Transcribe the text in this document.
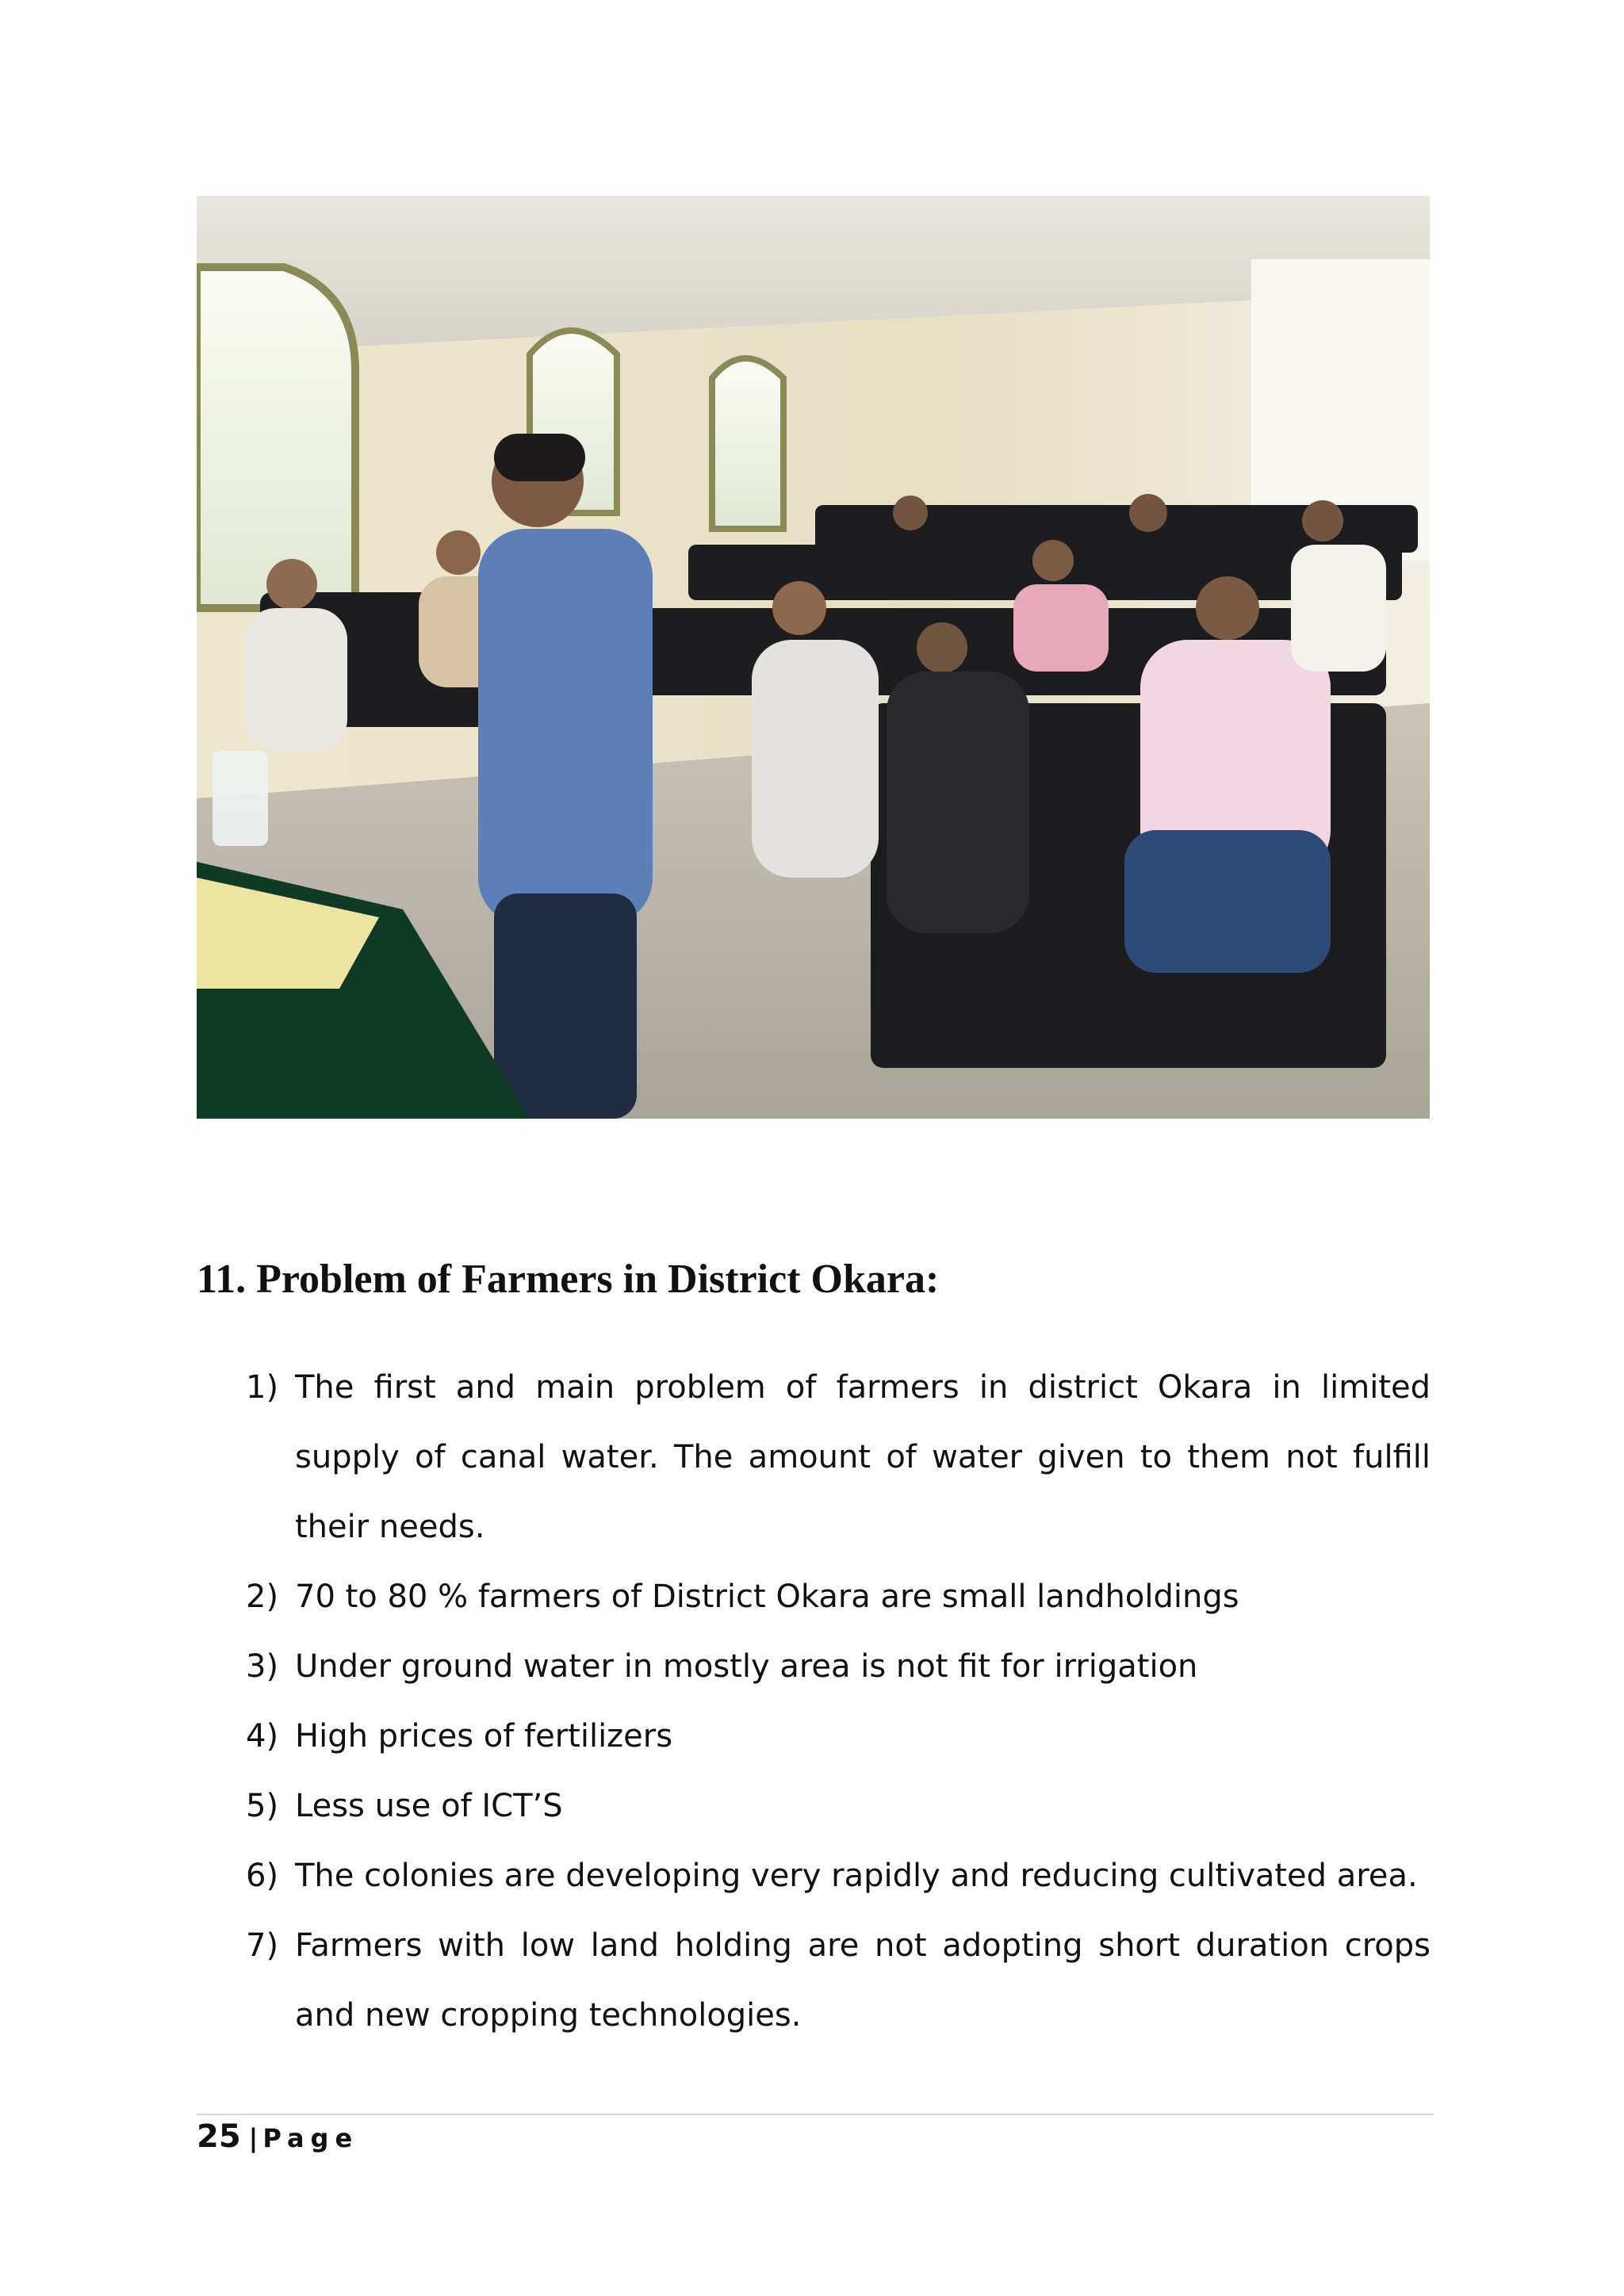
11. Problem of Farmers in District Okara:
1) The first and main problem of farmers in district Okara in limited supply of canal water. The amount of water given to them not fulfill their needs.
2) 70 to 80 % farmers of District Okara are small landholdings
3) Under ground water in mostly area is not fit for irrigation
4) High prices of fertilizers
5) Less use of ICT’S
6) The colonies are developing very rapidly and reducing cultivated area.
7) Farmers with low land holding are not adopting short duration crops and new cropping technologies.
25 | Page
